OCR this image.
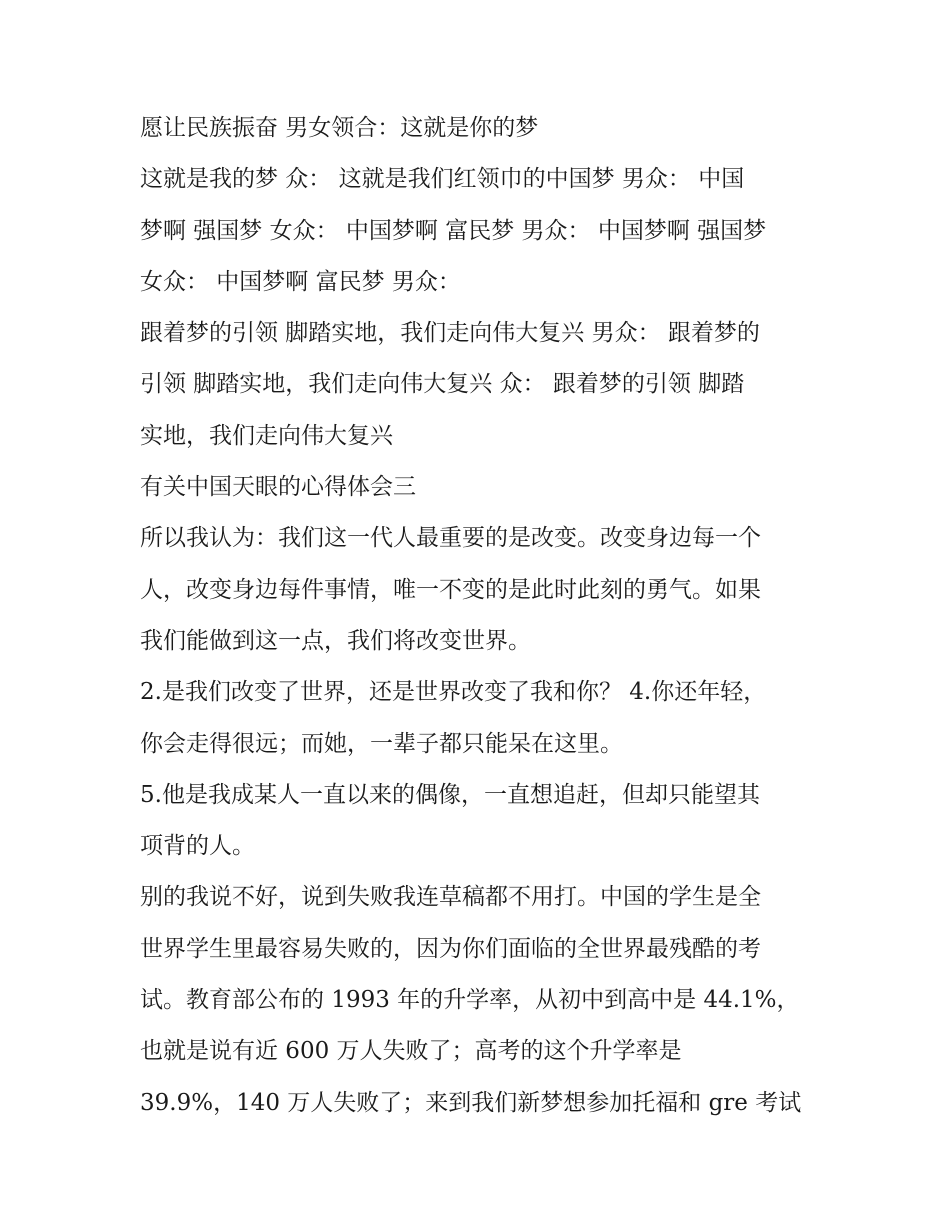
愿让民族振奋 男女领合：这就是你的梦
这就是我的梦 众： 这就是我们红领巾的中国梦 男众： 中国
梦啊 强国梦 女众： 中国梦啊 富民梦 男众： 中国梦啊 强国梦
女众： 中国梦啊 富民梦 男众：
跟着梦的引领 脚踏实地，我们走向伟大复兴 男众： 跟着梦的
引领 脚踏实地，我们走向伟大复兴 众： 跟着梦的引领 脚踏
实地，我们走向伟大复兴
有关中国天眼的心得体会三
所以我认为：我们这一代人最重要的是改变。改变身边每一个
人，改变身边每件事情，唯一不变的是此时此刻的勇气。如果
我们能做到这一点，我们将改变世界。
2.是我们改变了世界，还是世界改变了我和你？ 4.你还年轻，
你会走得很远；而她，一辈子都只能呆在这里。
5.他是我成某人一直以来的偶像，一直想追赶，但却只能望其
项背的人。
别的我说不好，说到失败我连草稿都不用打。中国的学生是全
世界学生里最容易失败的，因为你们面临的全世界最残酷的考
试。教育部公布的 1993 年的升学率，从初中到高中是 44.1%，
也就是说有近 600 万人失败了；高考的这个升学率是
39.9%，140 万人失败了；来到我们新梦想参加托福和 gre 考试
